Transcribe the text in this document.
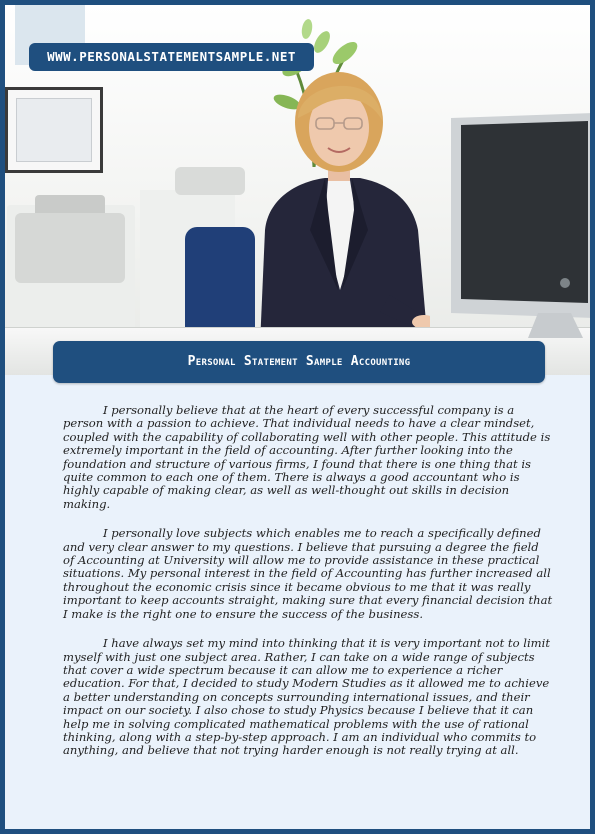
WWW.PERSONALSTATEMENTSAMPLE.NET
Personal Statement Sample Accounting

I personally believe that at the heart of every successful company is a person with a passion to achieve. That individual needs to have a clear mindset, coupled with the capability of collaborating well with other people. This attitude is extremely important in the field of accounting. After further looking into the foundation and structure of various firms, I found that there is one thing that is quite common to each one of them. There is always a good accountant who is highly capable of making clear, as well as well-thought out skills in decision making.

I personally love subjects which enables me to reach a specifically defined and very clear answer to my questions. I believe that pursuing a degree the field of Accounting at University will allow me to provide assistance in these practical situations. My personal interest in the field of Accounting has further increased all throughout the economic crisis since it became obvious to me that it was really important to keep accounts straight, making sure that every financial decision that I make is the right one to ensure the success of the business.

I have always set my mind into thinking that it is very important not to limit myself with just one subject area. Rather, I can take on a wide range of subjects that cover a wide spectrum because it can allow me to experience a richer education. For that, I decided to study Modern Studies as it allowed me to achieve a better understanding on concepts surrounding international issues, and their impact on our society. I also chose to study Physics because I believe that it can help me in solving complicated mathematical problems with the use of rational thinking, along with a step-by-step approach. I am an individual who commits to anything, and believe that not trying harder enough is not really trying at all.
